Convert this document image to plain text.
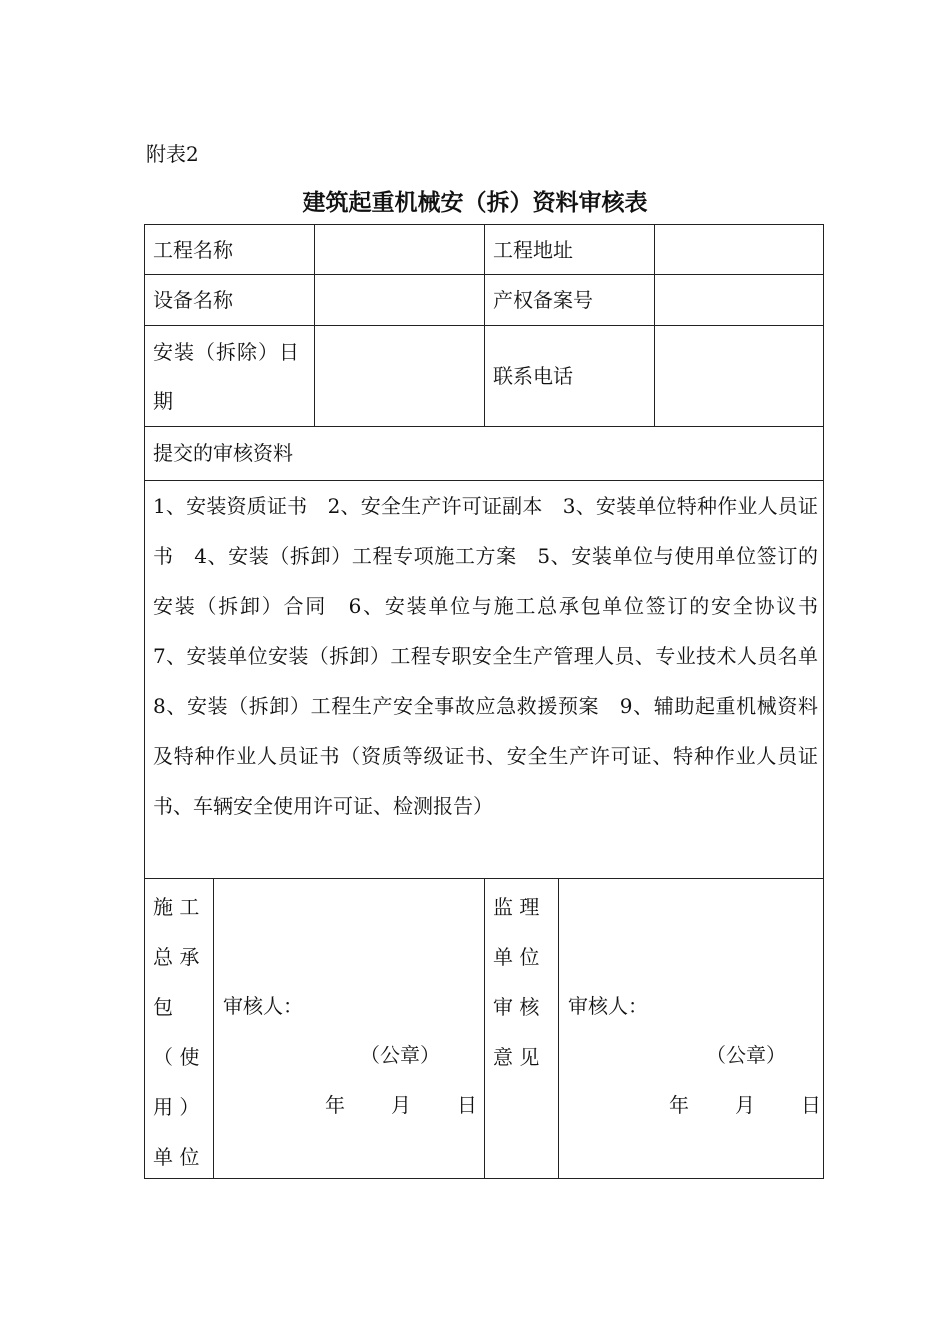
附表2
建筑起重机械安（拆）资料审核表
工程名称	工程地址
设备名称	产权备案号
安装（拆除）日
期
联系电话
提交的审核资料
1、安装资质证书　2、安全生产许可证副本　3、安装单位特种作业人员证书　4、安装（拆卸）工程专项施工方案　5、安装单位与使用单位签订的安装（拆卸）合同　6、安装单位与施工总承包单位签订的安全协议书　7、安装单位安装（拆卸）工程专职安全生产管理人员、专业技术人员名单　8、安装（拆卸）工程生产安全事故应急救援预案　9、辅助起重机械资料及特种作业人员证书（资质等级证书、安全生产许可证、特种作业人员证书、车辆安全使用许可证、检测报告）
施 工
总 承
包
（ 使
用 ）
单 位
审核人：
（公章）
年　　月　　日
监 理
单 位
审 核
意 见
审核人：
（公章）
年　　月　　日
